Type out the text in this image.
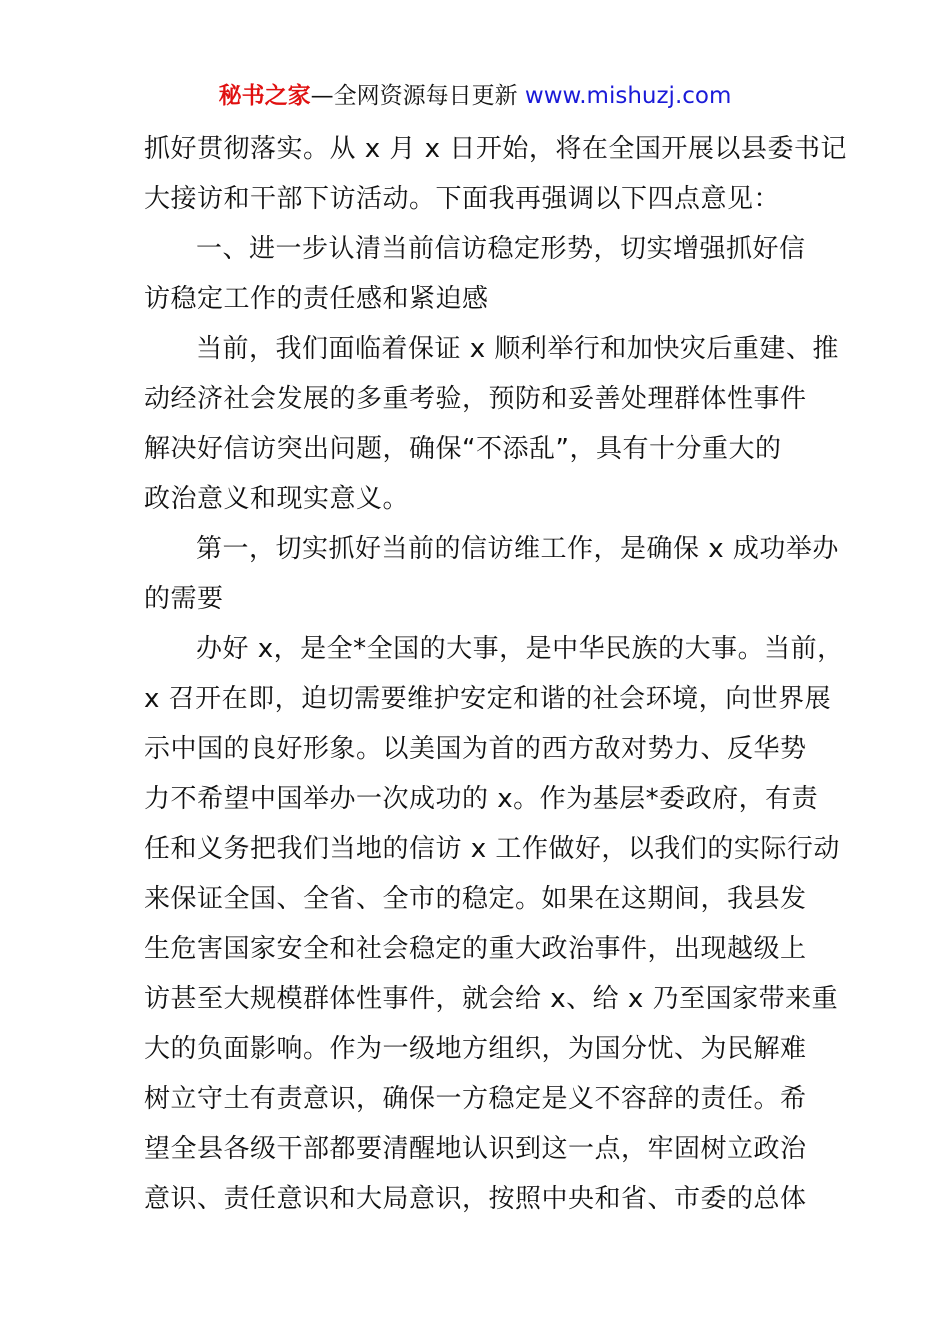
秘书之家—全网资源每日更新 www.mishuzj.com
抓好贯彻落实。从 x 月 x 日开始，将在全国开展以县委书记
大接访和干部下访活动。下面我再强调以下四点意见：
一、进一步认清当前信访稳定形势，切实增强抓好信
访稳定工作的责任感和紧迫感
当前，我们面临着保证 x 顺利举行和加快灾后重建、推
动经济社会发展的多重考验，预防和妥善处理群体性事件
解决好信访突出问题，确保“不添乱”，具有十分重大的
政治意义和现实意义。
第一，切实抓好当前的信访维工作，是确保 x 成功举办
的需要
办好 x，是全*全国的大事，是中华民族的大事。当前，
x 召开在即，迫切需要维护安定和谐的社会环境，向世界展
示中国的良好形象。以美国为首的西方敌对势力、反华势
力不希望中国举办一次成功的 x。作为基层*委政府，有责
任和义务把我们当地的信访 x 工作做好，以我们的实际行动
来保证全国、全省、全市的稳定。如果在这期间，我县发
生危害国家安全和社会稳定的重大政治事件，出现越级上
访甚至大规模群体性事件，就会给 x、给 x 乃至国家带来重
大的负面影响。作为一级地方组织，为国分忧、为民解难
树立守土有责意识，确保一方稳定是义不容辞的责任。希
望全县各级干部都要清醒地认识到这一点，牢固树立政治
意识、责任意识和大局意识，按照中央和省、市委的总体
